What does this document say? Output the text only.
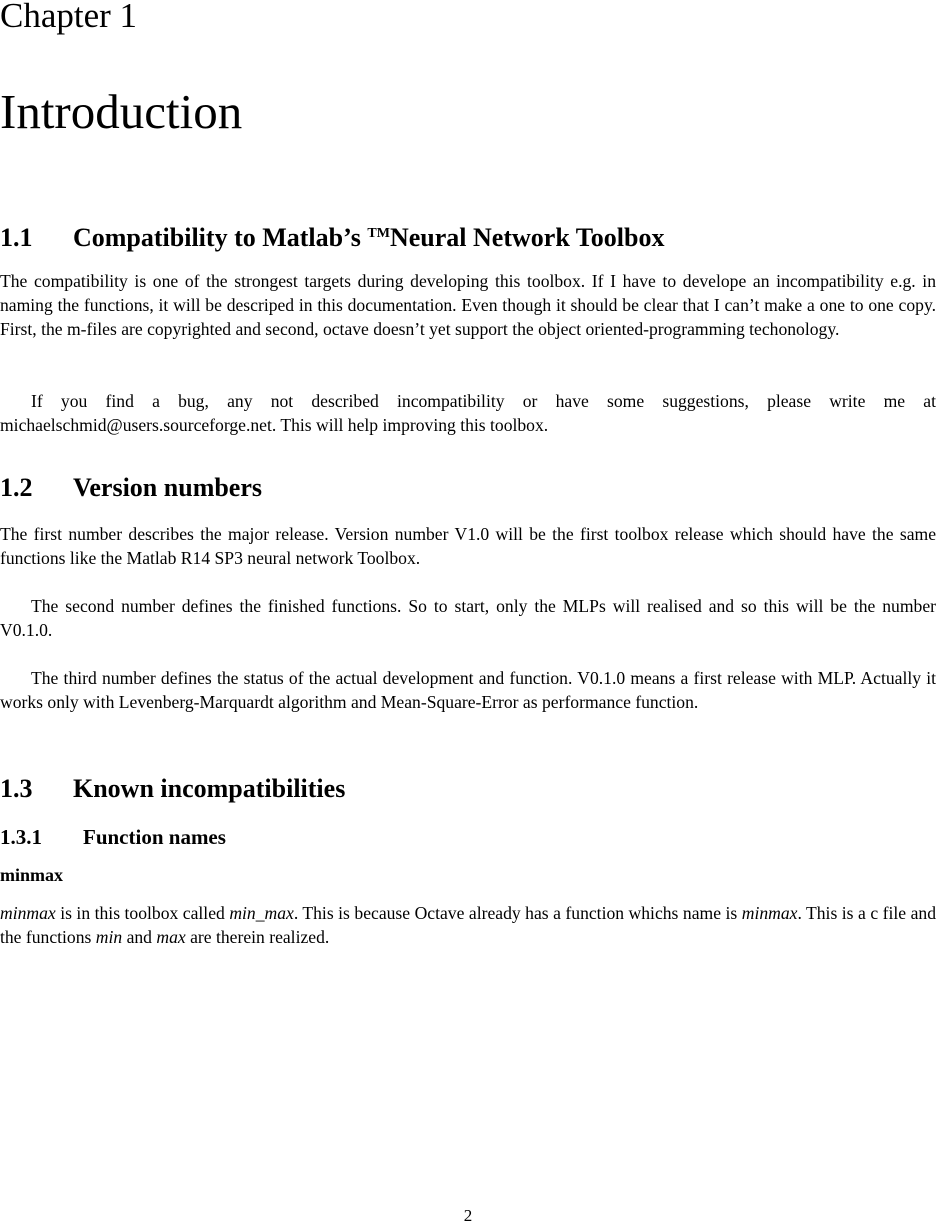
Chapter 1
Introduction
1.1 Compatibility to Matlab’s ™Neural Network Toolbox
The compatibility is one of the strongest targets during developing this toolbox. If I have to develope an incompatibility e.g. in naming the functions, it will be descriped in this documentation. Even though it should be clear that I can’t make a one to one copy. First, the m-files are copyrighted and second, octave doesn’t yet support the object oriented-programming techonology.
If you find a bug, any not described incompatibility or have some suggestions, please write me at michaelschmid@users.sourceforge.net. This will help improving this toolbox.
1.2 Version numbers
The first number describes the major release. Version number V1.0 will be the first toolbox release which should have the same functions like the Matlab R14 SP3 neural network Toolbox.
The second number defines the finished functions. So to start, only the MLPs will realised and so this will be the number V0.1.0.
The third number defines the status of the actual development and function. V0.1.0 means a first release with MLP. Actually it works only with Levenberg-Marquardt algorithm and Mean-Square-Error as performance function.
1.3 Known incompatibilities
1.3.1 Function names
minmax
minmax is in this toolbox called min_max. This is because Octave already has a function whichs name is minmax. This is a c file and the functions min and max are therein realized.
2
